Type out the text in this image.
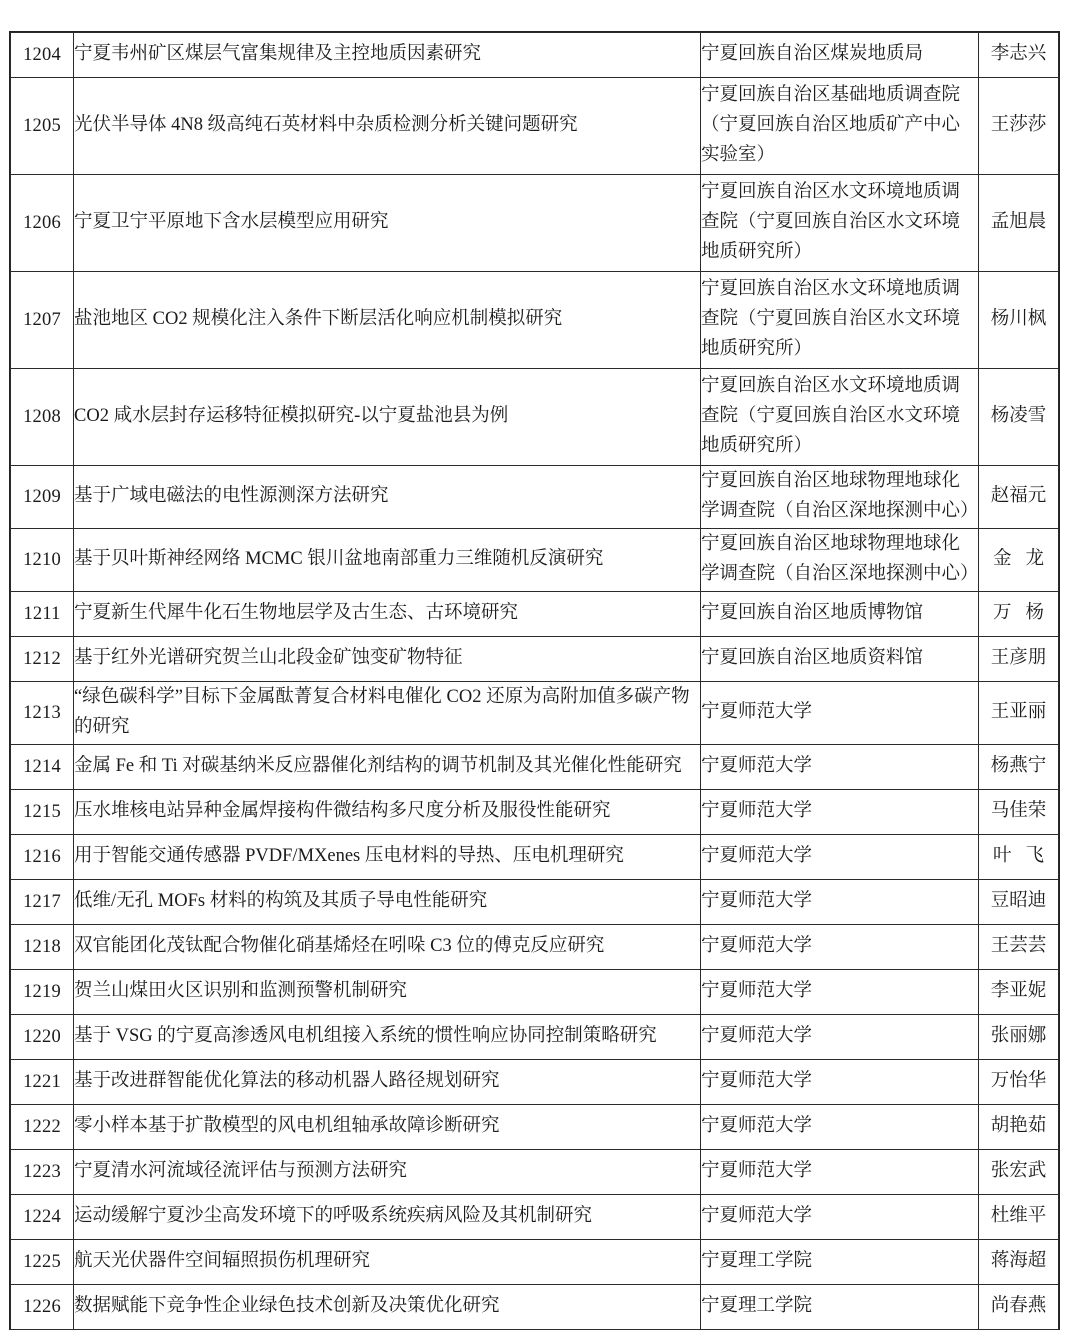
1204	宁夏韦州矿区煤层气富集规律及主控地质因素研究	宁夏回族自治区煤炭地质局	李志兴
1205	光伏半导体 4N8 级高纯石英材料中杂质检测分析关键问题研究	宁夏回族自治区基础地质调查院（宁夏回族自治区地质矿产中心实验室）	王莎莎
1206	宁夏卫宁平原地下含水层模型应用研究	宁夏回族自治区水文环境地质调查院（宁夏回族自治区水文环境地质研究所）	孟旭晨
1207	盐池地区 CO2 规模化注入条件下断层活化响应机制模拟研究	宁夏回族自治区水文环境地质调查院（宁夏回族自治区水文环境地质研究所）	杨川枫
1208	CO2 咸水层封存运移特征模拟研究-以宁夏盐池县为例	宁夏回族自治区水文环境地质调查院（宁夏回族自治区水文环境地质研究所）	杨凌雪
1209	基于广域电磁法的电性源测深方法研究	宁夏回族自治区地球物理地球化学调查院（自治区深地探测中心）	赵福元
1210	基于贝叶斯神经网络 MCMC 银川盆地南部重力三维随机反演研究	宁夏回族自治区地球物理地球化学调查院（自治区深地探测中心）	金 龙
1211	宁夏新生代犀牛化石生物地层学及古生态、古环境研究	宁夏回族自治区地质博物馆	万 杨
1212	基于红外光谱研究贺兰山北段金矿蚀变矿物特征	宁夏回族自治区地质资料馆	王彦朋
1213	“绿色碳科学”目标下金属酞菁复合材料电催化 CO2 还原为高附加值多碳产物的研究	宁夏师范大学	王亚丽
1214	金属 Fe 和 Ti 对碳基纳米反应器催化剂结构的调节机制及其光催化性能研究	宁夏师范大学	杨燕宁
1215	压水堆核电站异种金属焊接构件微结构多尺度分析及服役性能研究	宁夏师范大学	马佳荣
1216	用于智能交通传感器 PVDF/MXenes 压电材料的导热、压电机理研究	宁夏师范大学	叶 飞
1217	低维/无孔 MOFs 材料的构筑及其质子导电性能研究	宁夏师范大学	豆昭迪
1218	双官能团化茂钛配合物催化硝基烯烃在吲哚 C3 位的傅克反应研究	宁夏师范大学	王芸芸
1219	贺兰山煤田火区识别和监测预警机制研究	宁夏师范大学	李亚妮
1220	基于 VSG 的宁夏高渗透风电机组接入系统的惯性响应协同控制策略研究	宁夏师范大学	张丽娜
1221	基于改进群智能优化算法的移动机器人路径规划研究	宁夏师范大学	万怡华
1222	零小样本基于扩散模型的风电机组轴承故障诊断研究	宁夏师范大学	胡艳茹
1223	宁夏清水河流域径流评估与预测方法研究	宁夏师范大学	张宏武
1224	运动缓解宁夏沙尘高发环境下的呼吸系统疾病风险及其机制研究	宁夏师范大学	杜维平
1225	航天光伏器件空间辐照损伤机理研究	宁夏理工学院	蒋海超
1226	数据赋能下竞争性企业绿色技术创新及决策优化研究	宁夏理工学院	尚春燕
